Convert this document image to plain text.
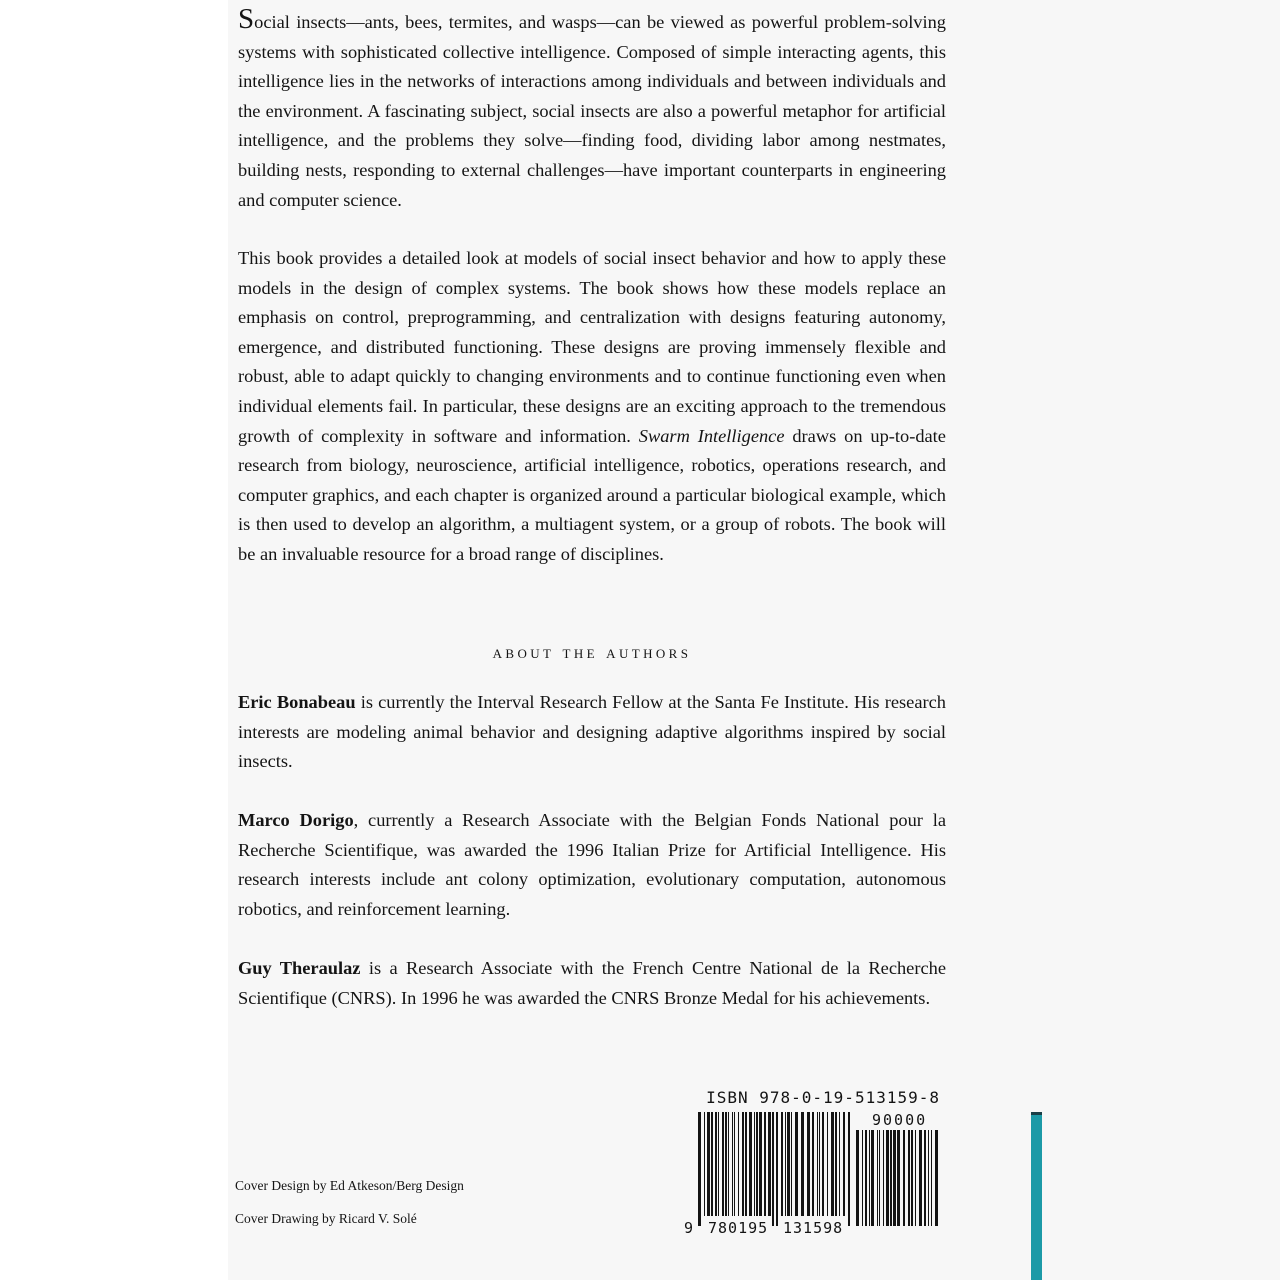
Social insects—ants, bees, termites, and wasps—can be viewed as powerful problem-solving systems with sophisticated collective intelligence. Composed of simple interacting agents, this intelligence lies in the networks of interactions among individuals and between individuals and the environment. A fascinating subject, social insects are also a powerful metaphor for artificial intelligence, and the problems they solve—finding food, dividing labor among nestmates, building nests, responding to external challenges—have important counterparts in engineering and computer science.

This book provides a detailed look at models of social insect behavior and how to apply these models in the design of complex systems. The book shows how these models replace an emphasis on control, preprogramming, and centralization with designs featuring autonomy, emergence, and distributed functioning. These designs are proving immensely flexible and robust, able to adapt quickly to changing environments and to continue functioning even when individual elements fail. In particular, these designs are an exciting approach to the tremendous growth of complexity in software and information. Swarm Intelligence draws on up-to-date research from biology, neuroscience, artificial intelligence, robotics, operations research, and computer graphics, and each chapter is organized around a particular biological example, which is then used to develop an algorithm, a multiagent system, or a group of robots. The book will be an invaluable resource for a broad range of disciplines.

about the authors

Eric Bonabeau is currently the Interval Research Fellow at the Santa Fe Institute. His research interests are modeling animal behavior and designing adaptive algorithms inspired by social insects.

Marco Dorigo, currently a Research Associate with the Belgian Fonds National pour la Recherche Scientifique, was awarded the 1996 Italian Prize for Artificial Intelligence. His research interests include ant colony optimization, evolutionary computation, autonomous robotics, and reinforcement learning.

Guy Theraulaz is a Research Associate with the French Centre National de la Recherche Scientifique (CNRS). In 1996 he was awarded the CNRS Bronze Medal for his achievements.

Cover Design by Ed Atkeson/Berg Design
Cover Drawing by Ricard V. Solé
ISBN 978-0-19-513159-8
9 780195 131598
90000
